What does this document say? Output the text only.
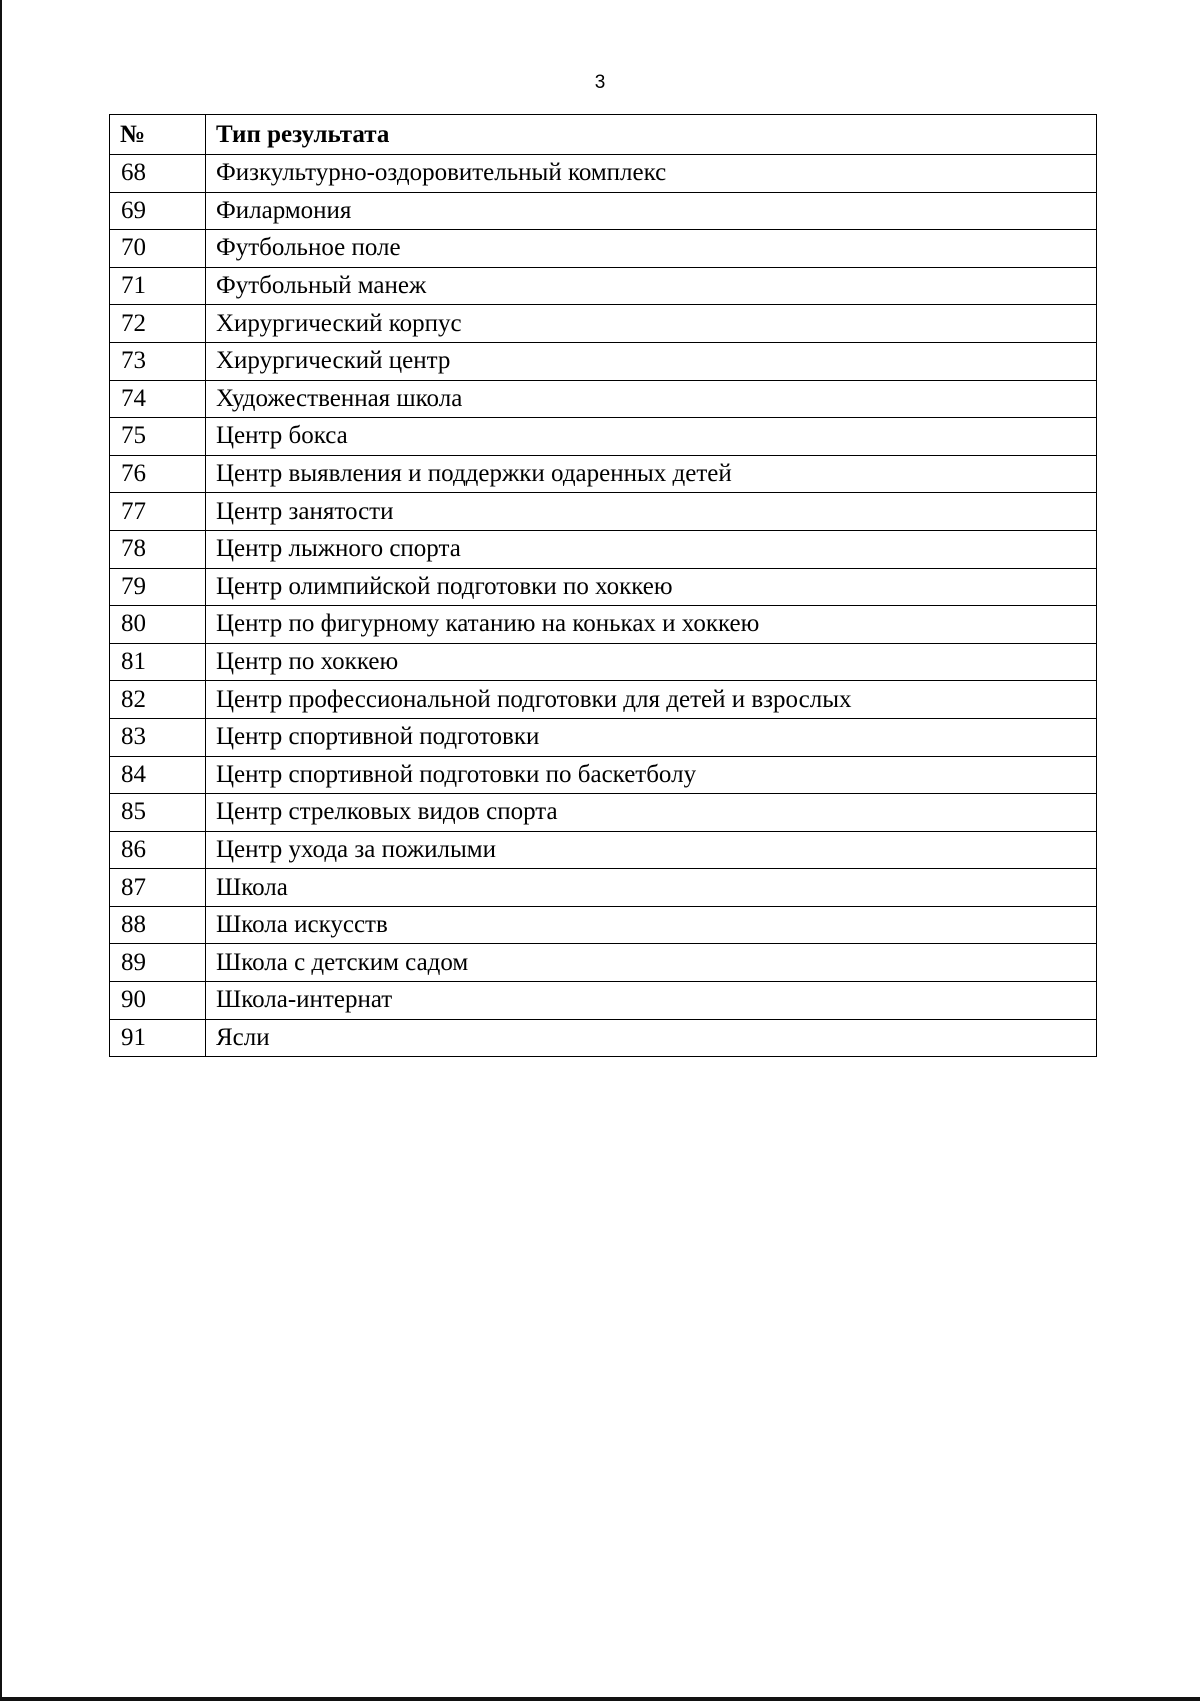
3
№	Тип результата
68	Физкультурно-оздоровительный комплекс
69	Филармония
70	Футбольное поле
71	Футбольный манеж
72	Хирургический корпус
73	Хирургический центр
74	Художественная школа
75	Центр бокса
76	Центр выявления и поддержки одаренных детей
77	Центр занятости
78	Центр лыжного спорта
79	Центр олимпийской подготовки по хоккею
80	Центр по фигурному катанию на коньках и хоккею
81	Центр по хоккею
82	Центр профессиональной подготовки для детей и взрослых
83	Центр спортивной подготовки
84	Центр спортивной подготовки по баскетболу
85	Центр стрелковых видов спорта
86	Центр ухода за пожилыми
87	Школа
88	Школа искусств
89	Школа с детским садом
90	Школа-интернат
91	Ясли
